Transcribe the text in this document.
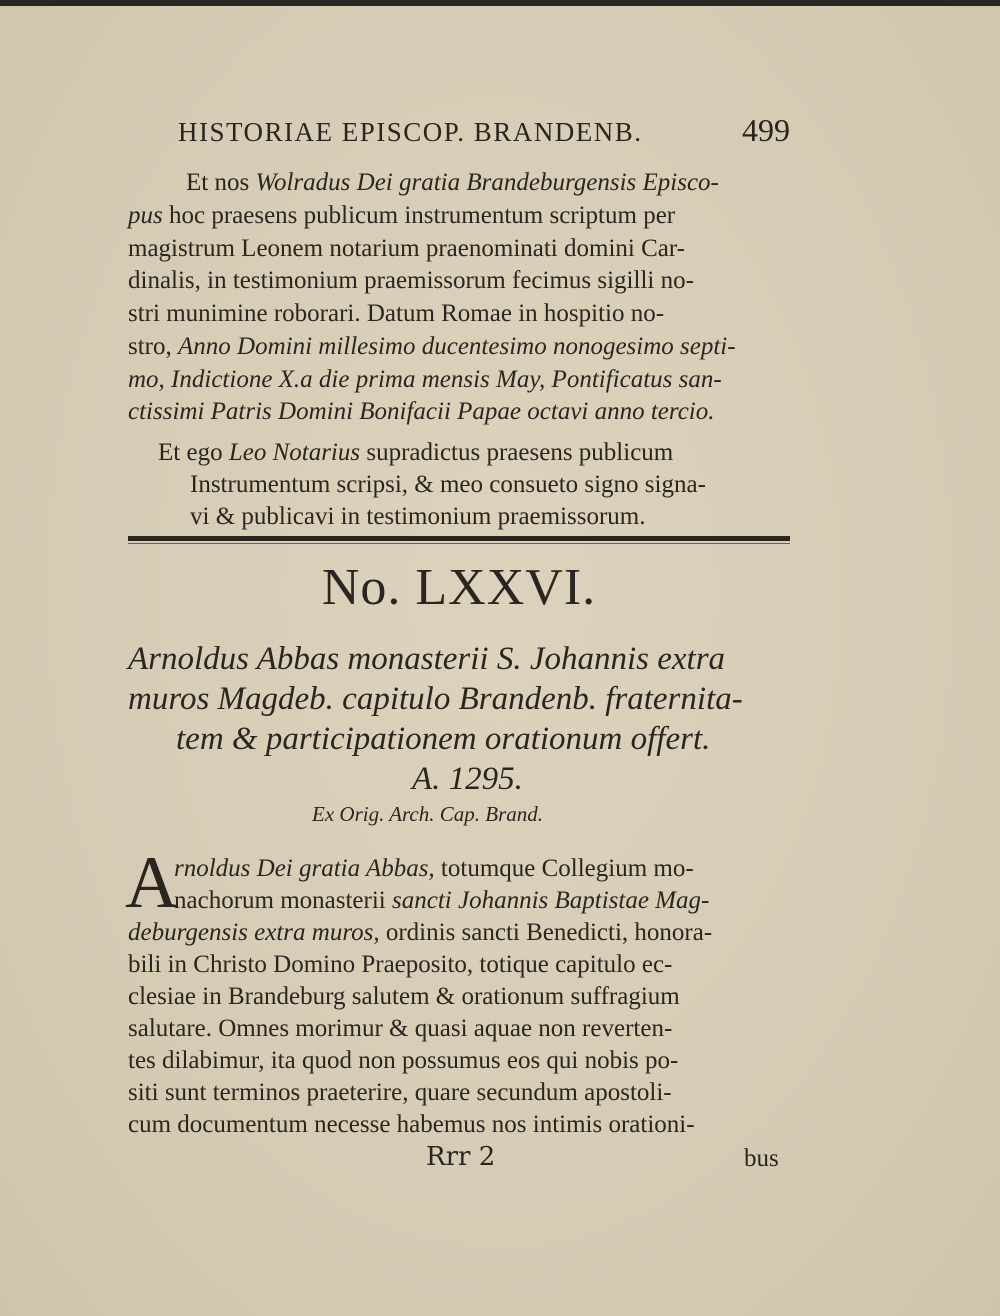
HISTORIAE EPISCOP. BRANDENB.	499
Et nos Wolradus Dei gratia Brandeburgensis Episco-
pus hoc praesens publicum instrumentum scriptum per
magistrum Leonem notarium praenominati domini Car-
dinalis, in testimonium praemissorum fecimus sigilli no-
stri munimine roborari. Datum Romae in hospitio no-
stro, Anno Domini millesimo ducentesimo nonogesimo septi-
mo, Indictione X.a die prima mensis May, Pontificatus san-
ctissimi Patris Domini Bonifacii Papae octavi anno tercio.
Et ego Leo Notarius supradictus praesens publicum
Instrumentum scripsi, & meo consueto signo signa-
vi & publicavi in testimonium praemissorum.
No. LXXVI.
Arnoldus Abbas monasterii S. Johannis extra
muros Magdeb. capitulo Brandenb. fraternita-
tem & participationem orationum offert.
A. 1295.
Ex Orig. Arch. Cap. Brand.
A
rnoldus Dei gratia Abbas, totumque Collegium mo-
nachorum monasterii sancti Johannis Baptistae Mag-
deburgensis extra muros, ordinis sancti Benedicti, honora-
bili in Christo Domino Praeposito, totique capitulo ec-
clesiae in Brandeburg salutem & orationum suffragium
salutare. Omnes morimur & quasi aquae non reverten-
tes dilabimur, ita quod non possumus eos qui nobis po-
siti sunt terminos praeterire, quare secundum apostoli-
cum documentum necesse habemus nos intimis orationi-
Rrr 2	bus
